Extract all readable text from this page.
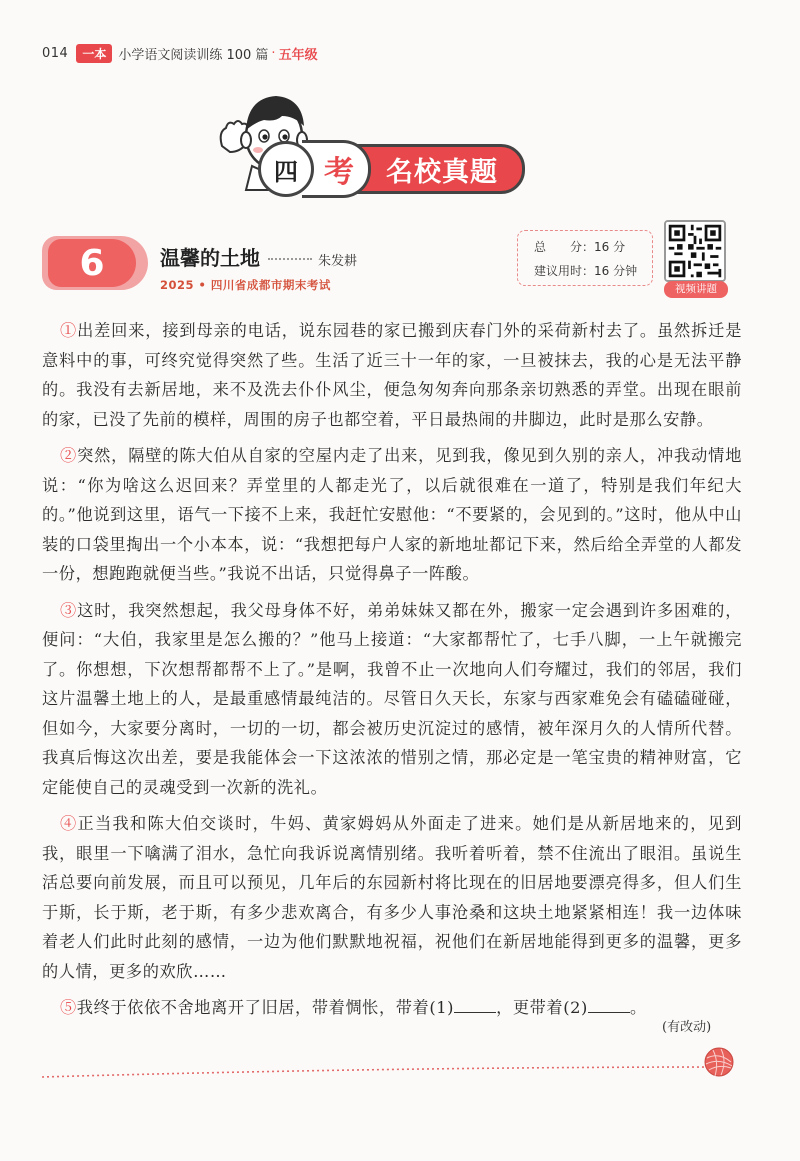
014	一本 小学语文阅读训练 100 篇 · 五年级
四 考	名校真题
6	温馨的土地	朱发耕
2025 • 四川省成都市期末考试
总　　分：16 分
建议用时：16 分钟
视频讲题

①出差回来，接到母亲的电话，说东园巷的家已搬到庆春门外的采荷新村去了。虽然拆迁是意料中的事，可终究觉得突然了些。生活了近三十一年的家，一旦被抹去，我的心是无法平静的。我没有去新居地，来不及洗去仆仆风尘，便急匆匆奔向那条亲切熟悉的弄堂。出现在眼前的家，已没了先前的模样，周围的房子也都空着，平日最热闹的井脚边，此时是那么安静。

②突然，隔壁的陈大伯从自家的空屋内走了出来，见到我，像见到久别的亲人，冲我动情地说：“你为啥这么迟回来？弄堂里的人都走光了，以后就很难在一道了，特别是我们年纪大的。”他说到这里，语气一下接不上来，我赶忙安慰他：“不要紧的，会见到的。”这时，他从中山装的口袋里掏出一个小本本，说：“我想把每户人家的新地址都记下来，然后给全弄堂的人都发一份，想跑跑就便当些。”我说不出话，只觉得鼻子一阵酸。

③这时，我突然想起，我父母身体不好，弟弟妹妹又都在外，搬家一定会遇到许多困难的，便问：“大伯，我家里是怎么搬的？”他马上接道：“大家都帮忙了，七手八脚，一上午就搬完了。你想想，下次想帮都帮不上了。”是啊，我曾不止一次地向人们夸耀过，我们的邻居，我们这片温馨土地上的人，是最重感情最纯洁的。尽管日久天长，东家与西家难免会有磕磕碰碰，但如今，大家要分离时，一切的一切，都会被历史沉淀过的感情，被年深月久的人情所代替。我真后悔这次出差，要是我能体会一下这浓浓的惜别之情，那必定是一笔宝贵的精神财富，它定能使自己的灵魂受到一次新的洗礼。

④正当我和陈大伯交谈时，牛妈、黄家姆妈从外面走了进来。她们是从新居地来的，见到我，眼里一下噙满了泪水，急忙向我诉说离情别绪。我听着听着，禁不住流出了眼泪。虽说生活总要向前发展，而且可以预见，几年后的东园新村将比现在的旧居地要漂亮得多，但人们生于斯，长于斯，老于斯，有多少悲欢离合，有多少人事沧桑和这块土地紧紧相连！我一边体味着老人们此时此刻的感情，一边为他们默默地祝福，祝他们在新居地能得到更多的温馨，更多的人情，更多的欢欣……

⑤我终于依依不舍地离开了旧居，带着惆怅，带着(1)	，更带着(2)	。

(有改动)
